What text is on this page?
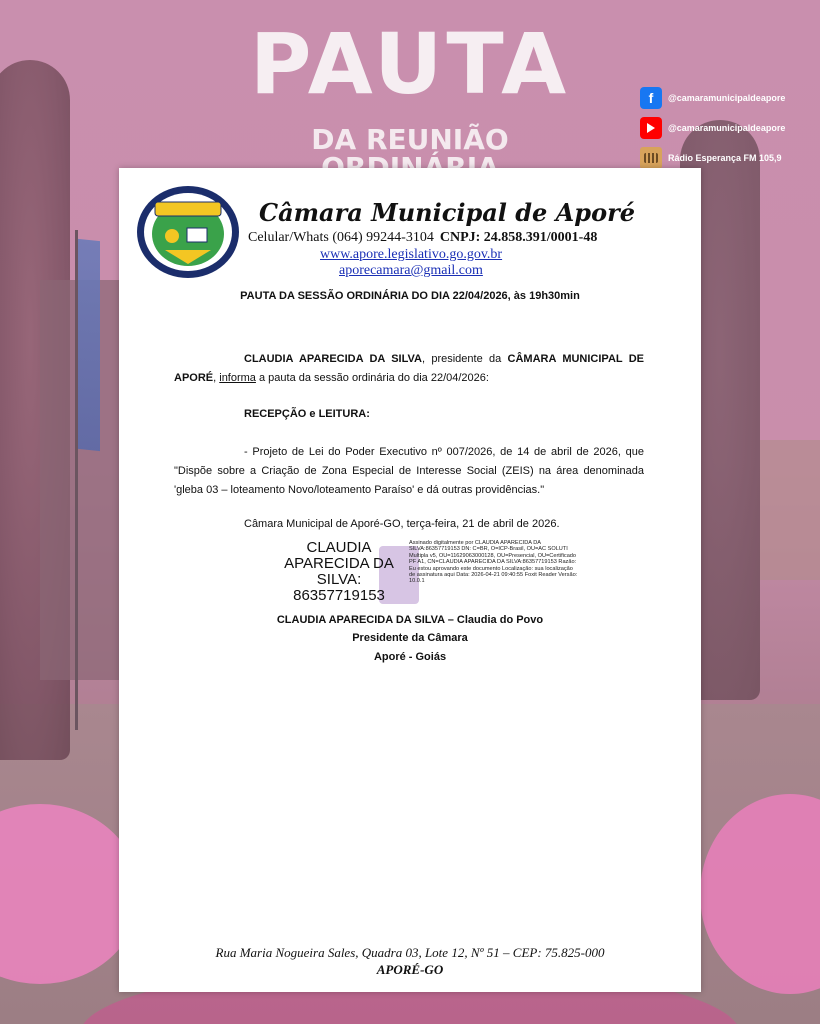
PAUTA
DA REUNIÃO
f	@camaramunicipaldeapore
@camaramunicipaldeapore
Rádio Esperança FM 105,9
Câmara Municipal de Aporé
Celular/Whats (064) 99244-3104 CNPJ: 24.858.391/0001-48
www.apore.legislativo.go.gov.br
aporecamara@gmail.com
PAUTA DA SESSÃO ORDINÁRIA DO DIA 22/04/2026, às 19h30min
CLAUDIA APARECIDA DA SILVA, presidente da CÂMARA MUNICIPAL DE APORÉ, informa a pauta da sessão ordinária do dia 22/04/2026:
RECEPÇÃO e LEITURA:
- Projeto de Lei do Poder Executivo nº 007/2026, de 14 de abril de 2026, que "Dispõe sobre a Criação de Zona Especial de Interesse Social (ZEIS) na área denominada 'gleba 03 – loteamento Novo/loteamento Paraíso' e dá outras providências."
Câmara Municipal de Aporé-GO, terça-feira, 21 de abril de 2026.
CLAUDIA
APARECIDA DA
SILVA:
86357719153
Assinado digitalmente por CLAUDIA APARECIDA DA SILVA:86357719153 DN: C=BR, O=ICP-Brasil, OU=AC SOLUTI Multipla v5, OU=11629063000128, OU=Presencial, OU=Certificado PF A1, CN=CLAUDIA APARECIDA DA SILVA:86357719153 Razão: Eu estou aprovando este documento Localização: sua localização de assinatura aqui Data: 2026-04-21 09:40:55 Foxit Reader Versão: 10.0.1
CLAUDIA APARECIDA DA SILVA – Claudia do Povo
Presidente da Câmara
Aporé - Goiás
Rua Maria Nogueira Sales, Quadra 03, Lote 12, Nº 51 – CEP: 75.825-000
APORÉ-GO
